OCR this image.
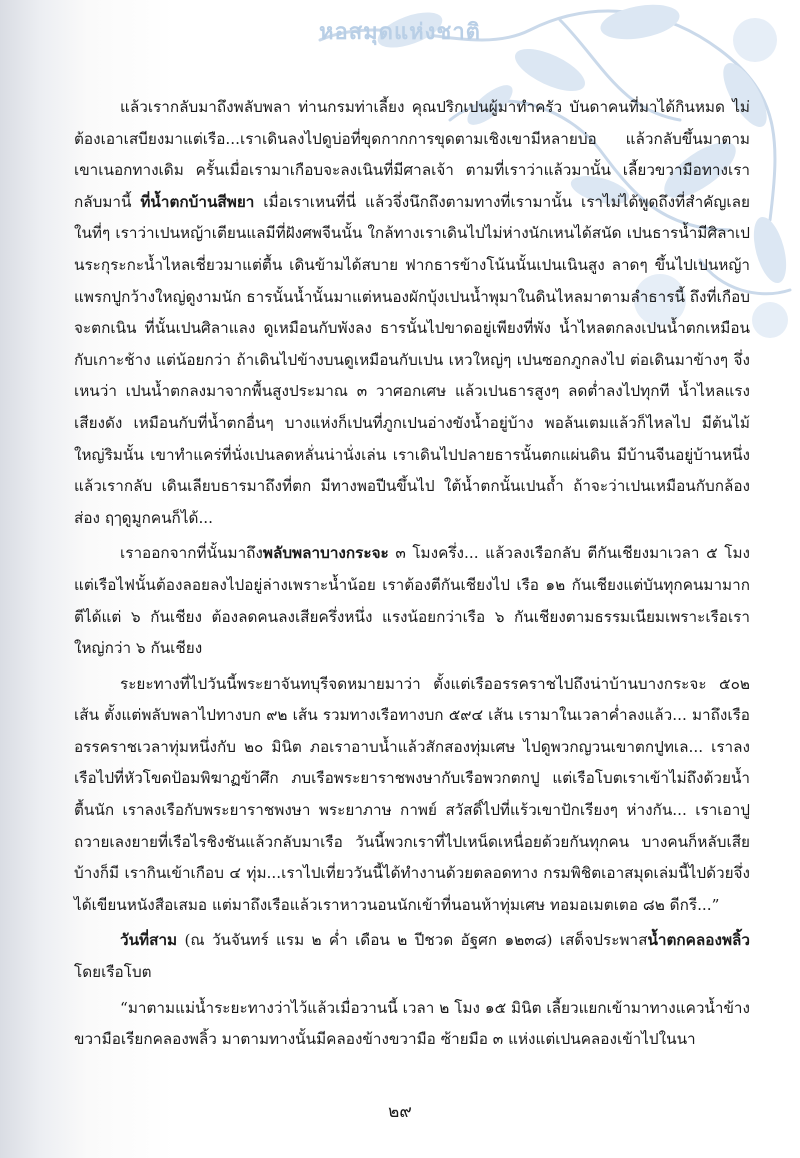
หอสมุดแห่งชาติ

แล้วเรากลับมาถึงพลับพลา ท่านกรมท่าเลี้ยง คุณปริกเปนผู้มาทำครัว บันดาคนที่มาได้กินหมด ไม่ต้องเอาเสบียงมาแต่เรือ...เราเดินลงไปดูบ่อที่ขุดกากการขุดตามเชิงเขามีหลายบ่อ แล้วกลับขึ้นมาตามเขาเนอกทางเดิม ครั้นเมื่อเรามาเกือบจะลงเนินที่มีศาลเจ้า ตามที่เราว่าแล้วมานั้น เลี้ยวขวามือทางเรากลับมานี้ ที่น้ำตกบ้านสีพยา เมื่อเราเหนที่นี่ แล้วจึ่งนึกถึงตามทางที่เรามานั้น เราไม่ได้พูดถึงที่สำคัญเลยในที่ๆ เราว่าเปนหญ้าเตียนแลมีที่ฝังศพจีนนั้น ใกล้ทางเราเดินไปไม่ห่างนักเหนได้สนัด เปนธารน้ำมีศิลาเปนระกุระกะน้ำไหลเชี่ยวมาแต่ตื้น เดินข้ามได้สบาย ฟากธารข้างโน้นนั้นเปนเนินสูง ลาดๆ ขึ้นไปเปนหญ้าแพรกปูกว้างใหญ่ดูงามนัก ธารนั้นน้ำนั้นมาแต่หนองผักบุ้งเปนน้ำพุมาในดินไหลมาตามลำธารนี้ ถึงที่เกือบจะตกเนิน ที่นั้นเปนศิลาแลง ดูเหมือนกับพังลง ธารนั้นไปขาดอยู่เพียงที่พัง น้ำไหลตกลงเปนน้ำตกเหมือนกับเกาะช้าง แต่น้อยกว่า ถ้าเดินไปข้างบนดูเหมือนกับเปน เหวใหญ่ๆ เปนซอกภูกลงไป ต่อเดินมาข้างๆ จึ่งเหนว่า เปนน้ำตกลงมาจากพื้นสูงประมาณ ๓ วาศอกเศษ แล้วเปนธารสูงๆ ลดต่ำลงไปทุกที น้ำไหลแรงเสียงดัง เหมือนกับที่น้ำตกอื่นๆ บางแห่งก็เปนที่ภูกเปนอ่างขังน้ำอยู่บ้าง พอล้นเตมแล้วก็ไหลไป มีต้นไม้ใหญ่ริมนั้น เขาทำแคร่ที่นั่งเปนลดหลั่นน่านั่งเล่น เราเดินไปปลายธารนั้นตกแผ่นดิน มีบ้านจีนอยู่บ้านหนึ่ง แล้วเรากลับ เดินเลียบธารมาถึงที่ตก มีทางพอปีนขึ้นไป ใต้น้ำตกนั้นเปนถ้ำ ถ้าจะว่าเปนเหมือนกับกล้องส่อง ฤๅดูมูกคนก็ได้...

เราออกจากที่นั้นมาถึงพลับพลาบางกระจะ ๓ โมงครึ่ง... แล้วลงเรือกลับ ตีกันเชียงมาเวลา ๕ โมง แต่เรือไฟนั้นต้องลอยลงไปอยู่ล่างเพราะน้ำน้อย เราต้องตีกันเชียงไป เรือ ๑๒ กันเชียงแต่บันทุกคนมามากตีได้แต่ ๖ กันเชียง ต้องลดคนลงเสียครึ่งหนึ่ง แรงน้อยกว่าเรือ ๖ กันเชียงตามธรรมเนียมเพราะเรือเราใหญ่กว่า ๖ กันเชียง

ระยะทางที่ไปวันนี้พระยาจันทบุรีจดหมายมาว่า ตั้งแต่เรืออรรคราชไปถึงน่าบ้านบางกระจะ ๕๐๒ เส้น ตั้งแต่พลับพลาไปทางบก ๙๒ เส้น รวมทางเรือทางบก ๕๙๔ เส้น เรามาในเวลาค่ำลงแล้ว... มาถึงเรืออรรคราชเวลาทุ่มหนึ่งกับ ๒๐ มินิต ภอเราอาบน้ำแล้วสักสองทุ่มเศษ ไปดูพวกญวนเขาตกปูทเล... เราลงเรือไปที่หัวโขดป้อมพิฆาฏข้าศึก ภบเรือพระยาราชพงษากับเรือพวกตกปู แต่เรือโบตเราเข้าไม่ถึงด้วยน้ำตื้นนัก เราลงเรือกับพระยาราชพงษา พระยาภาษ กาพย์ สวัสดิ์ไปที่แร้วเขาปักเรียงๆ ห่างกัน... เราเอาปูถวายเลงยายที่เรือไรชิงชันแล้วกลับมาเรือ วันนี้พวกเราที่ไปเหน็ดเหนื่อยด้วยกันทุกคน บางคนก็หลับเสียบ้างก็มี เรากินเข้าเกือบ ๔ ทุ่ม...เราไปเที่ยววันนี้ได้ทำงานด้วยตลอดทาง กรมพิชิตเอาสมุดเล่มนี้ไปด้วยจึ่งได้เขียนหนังสือเสมอ แต่มาถึงเรือแล้วเราหาวนอนนักเข้าที่นอนห้าทุ่มเศษ ทอมอเมตเตอ ๘๒ ดีกรี...”

วันที่สาม (ณ วันจันทร์ แรม ๒ ค่ำ เดือน ๒ ปีชวด อัฐศก ๑๒๓๘) เสด็จประพาสน้ำตกคลองพลิ้ว โดยเรือโบต

“มาตามแม่น้ำระยะทางว่าไว้แล้วเมื่อวานนี้ เวลา ๒ โมง ๑๕ มินิต เลี้ยวแยกเข้ามาทางแควน้ำข้างขวามือเรียกคลองพลิ้ว มาตามทางนั้นมีคลองข้างขวามือ ซ้ายมือ ๓ แห่งแต่เปนคลองเข้าไปในนา

๒๙
